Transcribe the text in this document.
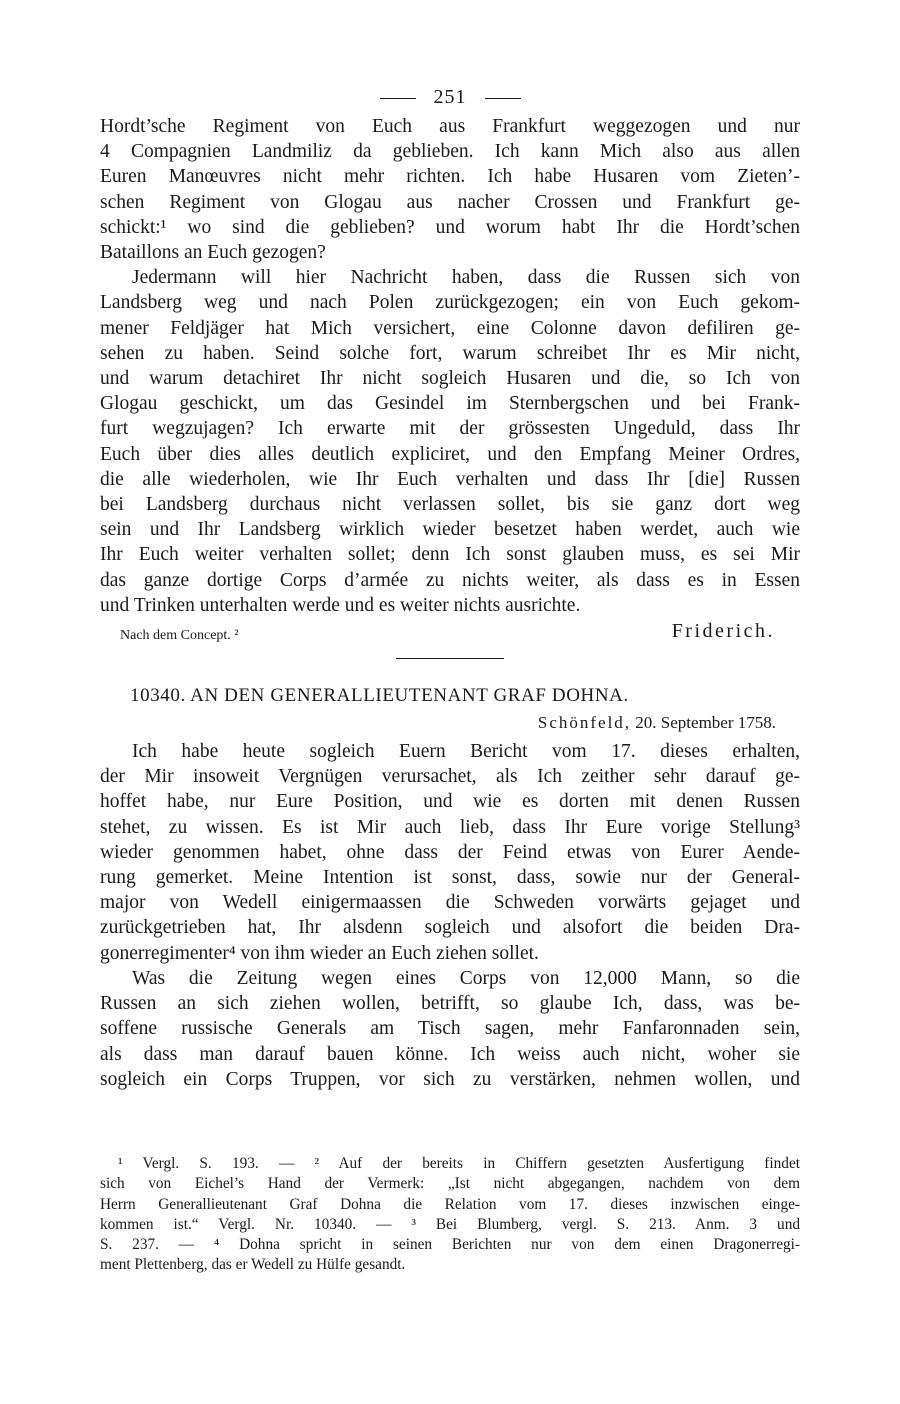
251
Hordt’sche Regiment von Euch aus Frankfurt weggezogen und nur
4 Compagnien Landmiliz da geblieben. Ich kann Mich also aus allen
Euren Manœuvres nicht mehr richten. Ich habe Husaren vom Zieten’-
schen Regiment von Glogau aus nacher Crossen und Frankfurt ge-
schickt:¹ wo sind die geblieben? und worum habt Ihr die Hordt’schen
Bataillons an Euch gezogen?
Jedermann will hier Nachricht haben, dass die Russen sich von
Landsberg weg und nach Polen zurückgezogen; ein von Euch gekom-
mener Feldjäger hat Mich versichert, eine Colonne davon defiliren ge-
sehen zu haben. Seind solche fort, warum schreibet Ihr es Mir nicht,
und warum detachiret Ihr nicht sogleich Husaren und die, so Ich von
Glogau geschickt, um das Gesindel im Sternbergschen und bei Frank-
furt wegzujagen? Ich erwarte mit der grössesten Ungeduld, dass Ihr
Euch über dies alles deutlich expliciret, und den Empfang Meiner Ordres,
die alle wiederholen, wie Ihr Euch verhalten und dass Ihr [die] Russen
bei Landsberg durchaus nicht verlassen sollet, bis sie ganz dort weg
sein und Ihr Landsberg wirklich wieder besetzet haben werdet, auch wie
Ihr Euch weiter verhalten sollet; denn Ich sonst glauben muss, es sei Mir
das ganze dortige Corps d’armée zu nichts weiter, als dass es in Essen
und Trinken unterhalten werde und es weiter nichts ausrichte.
Nach dem Concept. ²	Friderich.
10340. AN DEN GENERALLIEUTENANT GRAF DOHNA.
Schönfeld, 20. September 1758.
Ich habe heute sogleich Euern Bericht vom 17. dieses erhalten,
der Mir insoweit Vergnügen verursachet, als Ich zeither sehr darauf ge-
hoffet habe, nur Eure Position, und wie es dorten mit denen Russen
stehet, zu wissen. Es ist Mir auch lieb, dass Ihr Eure vorige Stellung³
wieder genommen habet, ohne dass der Feind etwas von Eurer Aende-
rung gemerket. Meine Intention ist sonst, dass, sowie nur der General-
major von Wedell einigermaassen die Schweden vorwärts gejaget und
zurückgetrieben hat, Ihr alsdenn sogleich und alsofort die beiden Dra-
gonerregimenter⁴ von ihm wieder an Euch ziehen sollet.
Was die Zeitung wegen eines Corps von 12,000 Mann, so die
Russen an sich ziehen wollen, betrifft, so glaube Ich, dass, was be-
soffene russische Generals am Tisch sagen, mehr Fanfaronnaden sein,
als dass man darauf bauen könne. Ich weiss auch nicht, woher sie
sogleich ein Corps Truppen, vor sich zu verstärken, nehmen wollen, und
¹ Vergl. S. 193. — ² Auf der bereits in Chiffern gesetzten Ausfertigung findet
sich von Eichel’s Hand der Vermerk: „Ist nicht abgegangen, nachdem von dem
Herrn Generallieutenant Graf Dohna die Relation vom 17. dieses inzwischen einge-
kommen ist.“ Vergl. Nr. 10340. — ³ Bei Blumberg, vergl. S. 213. Anm. 3 und
S. 237. — ⁴ Dohna spricht in seinen Berichten nur von dem einen Dragonerregi-
ment Plettenberg, das er Wedell zu Hülfe gesandt.
